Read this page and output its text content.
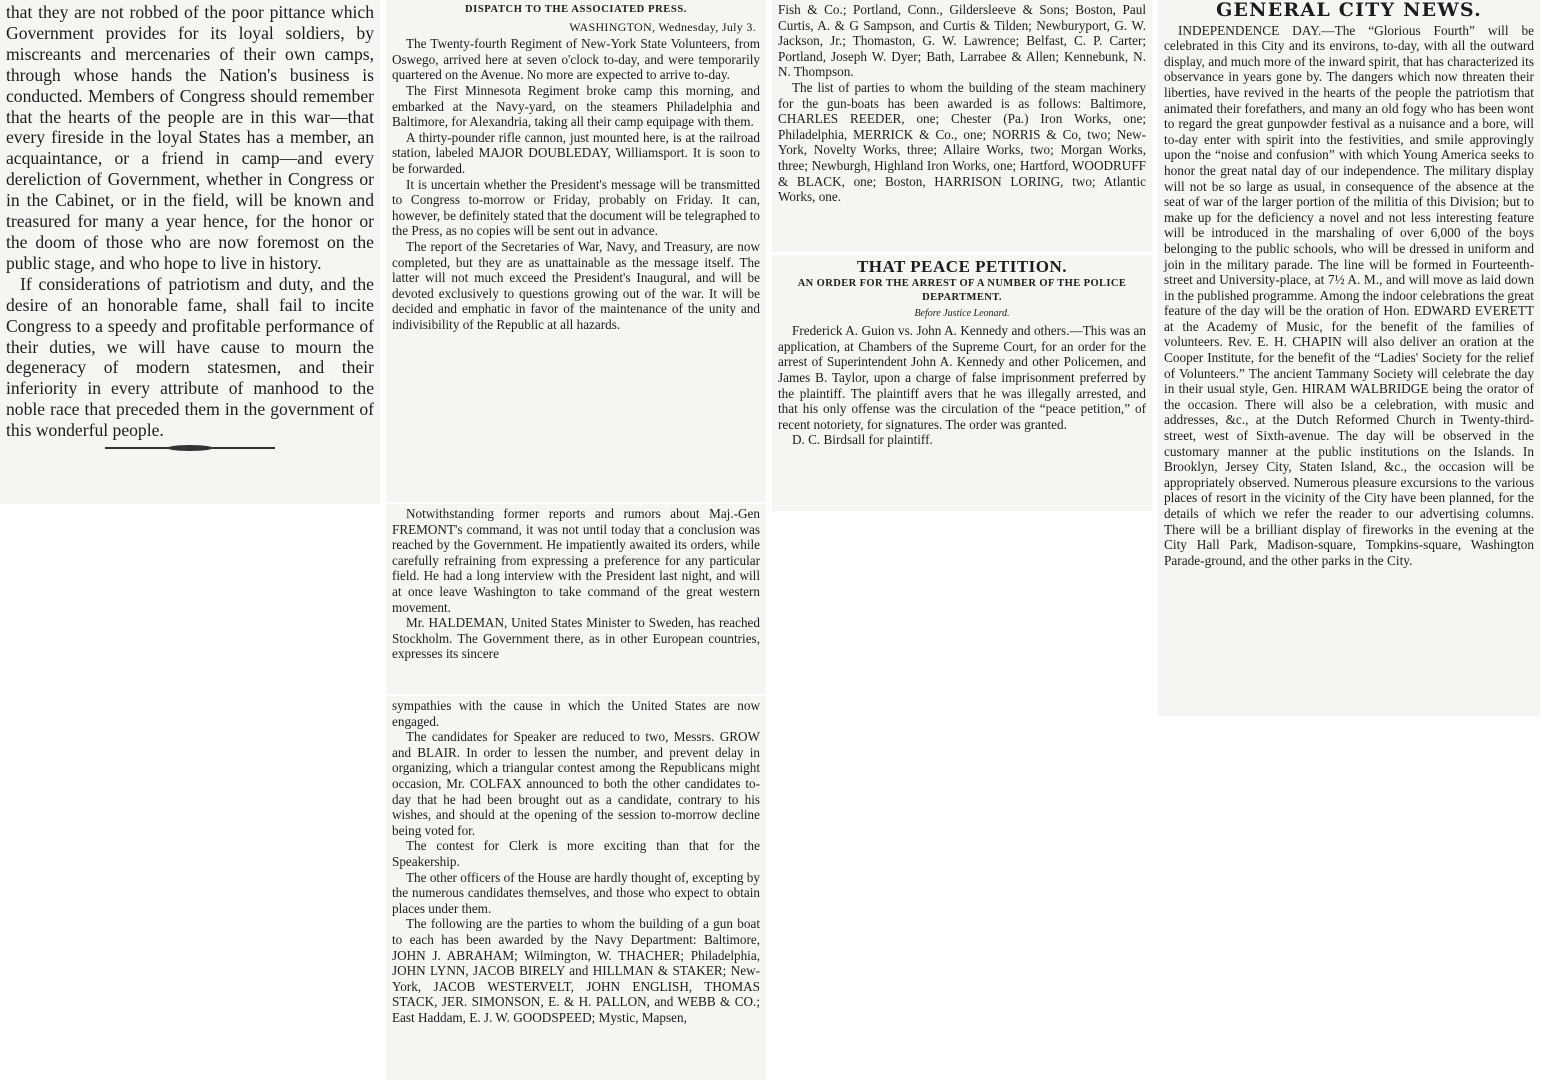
that they are not robbed of the poor pittance which Government provides for its loyal soldiers, by miscreants and mercenaries of their own camps, through whose hands the Nation's business is conducted. Members of Congress should remember that the hearts of the people are in this war—that every fireside in the loyal States has a member, an acquaintance, or a friend in camp—and every dereliction of Government, whether in Congress or in the Cabinet, or in the field, will be known and treasured for many a year hence, for the honor or the doom of those who are now foremost on the public stage, and who hope to live in history.

If considerations of patriotism and duty, and the desire of an honorable fame, shall fail to incite Congress to a speedy and profitable performance of their duties, we will have cause to mourn the degeneracy of modern statesmen, and their inferiority in every attribute of manhood to the noble race that preceded them in the government of this wonderful people.

DISPATCH TO THE ASSOCIATED PRESS.
WASHINGTON, Wednesday, July 3.

The Twenty-fourth Regiment of New-York State Volunteers, from Oswego, arrived here at seven o'clock to-day, and were temporarily quartered on the Avenue. No more are expected to arrive to-day.

The First Minnesota Regiment broke camp this morning, and embarked at the Navy-yard, on the steamers Philadelphia and Baltimore, for Alexandria, taking all their camp equipage with them.

A thirty-pounder rifle cannon, just mounted here, is at the railroad station, labeled MAJOR DOUBLEDAY, Williamsport. It is soon to be forwarded.

It is uncertain whether the President's message will be transmitted to Congress to-morrow or Friday, probably on Friday. It can, however, be definitely stated that the document will be telegraphed to the Press, as no copies will be sent out in advance.

The report of the Secretaries of War, Navy, and Treasury, are now completed, but they are as unattainable as the message itself. The latter will not much exceed the President's Inaugural, and will be devoted exclusively to questions growing out of the war. It will be decided and emphatic in favor of the maintenance of the unity and indivisibility of the Republic at all hazards.

Notwithstanding former reports and rumors about Maj.-Gen FREMONT's command, it was not until today that a conclusion was reached by the Government. He impatiently awaited its orders, while carefully refraining from expressing a preference for any particular field. He had a long interview with the President last night, and will at once leave Washington to take command of the great western movement.

Mr. HALDEMAN, United States Minister to Sweden, has reached Stockholm. The Government there, as in other European countries, expresses its sincere

sympathies with the cause in which the United States are now engaged.

The candidates for Speaker are reduced to two, Messrs. GROW and BLAIR. In order to lessen the number, and prevent delay in organizing, which a triangular contest among the Republicans might occasion, Mr. COLFAX announced to both the other candidates to-day that he had been brought out as a candidate, contrary to his wishes, and should at the opening of the session to-morrow decline being voted for.

The contest for Clerk is more exciting than that for the Speakership.

The other officers of the House are hardly thought of, excepting by the numerous candidates themselves, and those who expect to obtain places under them.

The following are the parties to whom the building of a gun boat to each has been awarded by the Navy Department: Baltimore, JOHN J. ABRAHAM; Wilmington, W. THACHER; Philadelphia, JOHN LYNN, JACOB BIRELY and HILLMAN & STAKER; New-York, JACOB WESTERVELT, JOHN ENGLISH, THOMAS STACK, JER. SIMONSON, E. & H. PALLON, and WEBB & CO.; East Haddam, E. J. W. GOODSPEED; Mystic, Mapsen,

Fish & Co.; Portland, Conn., Gildersleeve & Sons; Boston, Paul Curtis, A. & G Sampson, and Curtis & Tilden; Newburyport, G. W. Jackson, Jr.; Thomaston, G. W. Lawrence; Belfast, C. P. Carter; Portland, Joseph W. Dyer; Bath, Larrabee & Allen; Kennebunk, N. N. Thompson.

The list of parties to whom the building of the steam machinery for the gun-boats has been awarded is as follows: Baltimore, CHARLES REEDER, one; Chester (Pa.) Iron Works, one; Philadelphia, MERRICK & Co., one; NORRIS & Co, two; New-York, Novelty Works, three; Allaire Works, two; Morgan Works, three; Newburgh, Highland Iron Works, one; Hartford, WOODRUFF & BLACK, one; Boston, HARRISON LORING, two; Atlantic Works, one.

THAT PEACE PETITION.
AN ORDER FOR THE ARREST OF A NUMBER OF THE POLICE DEPARTMENT.
Before Justice Leonard.

Frederick A. Guion vs. John A. Kennedy and others.—This was an application, at Chambers of the Supreme Court, for an order for the arrest of Superintendent John A. Kennedy and other Policemen, and James B. Taylor, upon a charge of false imprisonment preferred by the plaintiff. The plaintiff avers that he was illegally arrested, and that his only offense was the circulation of the “peace petition,” of recent notoriety, for signatures. The order was granted.

D. C. Birdsall for plaintiff.

GENERAL CITY NEWS.

INDEPENDENCE DAY.—The “Glorious Fourth” will be celebrated in this City and its environs, to-day, with all the outward display, and much more of the inward spirit, that has characterized its observance in years gone by. The dangers which now threaten their liberties, have revived in the hearts of the people the patriotism that animated their forefathers, and many an old fogy who has been wont to regard the great gunpowder festival as a nuisance and a bore, will to-day enter with spirit into the festivities, and smile approvingly upon the “noise and confusion” with which Young America seeks to honor the great natal day of our independence. The military display will not be so large as usual, in consequence of the absence at the seat of war of the larger portion of the militia of this Division; but to make up for the deficiency a novel and not less interesting feature will be introduced in the marshaling of over 6,000 of the boys belonging to the public schools, who will be dressed in uniform and join in the military parade. The line will be formed in Fourteenth-street and University-place, at 7½ A. M., and will move as laid down in the published programme. Among the indoor celebrations the great feature of the day will be the oration of Hon. EDWARD EVERETT at the Academy of Music, for the benefit of the families of volunteers. Rev. E. H. CHAPIN will also deliver an oration at the Cooper Institute, for the benefit of the “Ladies' Society for the relief of Volunteers.” The ancient Tammany Society will celebrate the day in their usual style, Gen. HIRAM WALBRIDGE being the orator of the occasion. There will also be a celebration, with music and addresses, &c., at the Dutch Reformed Church in Twenty-third-street, west of Sixth-avenue. The day will be observed in the customary manner at the public institutions on the Islands. In Brooklyn, Jersey City, Staten Island, &c., the occasion will be appropriately observed. Numerous pleasure excursions to the various places of resort in the vicinity of the City have been planned, for the details of which we refer the reader to our advertising columns. There will be a brilliant display of fireworks in the evening at the City Hall Park, Madison-square, Tompkins-square, Washington Parade-ground, and the other parks in the City.
